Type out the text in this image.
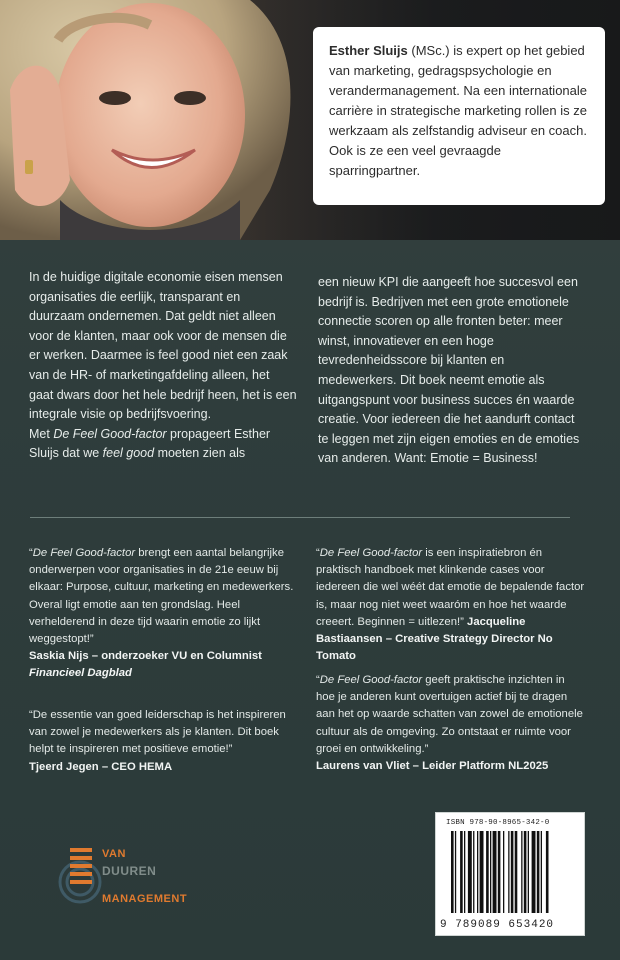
Esther Sluijs (MSc.) is expert op het gebied van marketing, gedragspsychologie en verandermanagement. Na een internationale carrière in strategische marketing rollen is ze werkzaam als zelfstandig adviseur en coach. Ook is ze een veel gevraagde sparringpartner.

In de huidige digitale economie eisen mensen organisaties die eerlijk, transparant en duurzaam ondernemen. Dat geldt niet alleen voor de klanten, maar ook voor de mensen die er werken. Daarmee is feel good niet een zaak van de HR- of marketingafdeling alleen, het gaat dwars door het hele bedrijf heen, het is een integrale visie op bedrijfsvoering.

Met De Feel Good-factor propageert Esther Sluijs dat we feel good moeten zien als

een nieuw KPI die aangeeft hoe succesvol een bedrijf is. Bedrijven met een grote emotionele connectie scoren op alle fronten beter: meer winst, innovatiever en een hoge tevredenheidsscore bij klanten en medewerkers. Dit boek neemt emotie als uitgangspunt voor business succes én waarde creatie. Voor iedereen die het aandurft contact te leggen met zijn eigen emoties en de emoties van anderen. Want: Emotie = Business!

“De Feel Good-factor brengt een aantal belangrijke onderwerpen voor organisaties in de 21e eeuw bij elkaar: Purpose, cultuur, marketing en medewerkers. Overal ligt emotie aan ten grondslag. Heel verhelderend in deze tijd waarin emotie zo lijkt weggestopt!”

Saskia Nijs – onderzoeker VU en Columnist

Financieel Dagblad

“De essentie van goed leiderschap is het inspireren van zowel je medewerkers als je klanten. Dit boek helpt te inspireren met positieve emotie!”

Tjeerd Jegen – CEO HEMA

“De Feel Good-factor is een inspiratiebron én praktisch handboek met klinkende cases voor iedereen die wel wéét dat emotie de bepalende factor is, maar nog niet weet waaróm en hoe het waarde creeert. Beginnen = uitlezen!” Jacqueline Bastiaansen – Creative Strategy Director No Tomato

“De Feel Good-factor geeft praktische inzichten in hoe je anderen kunt overtuigen actief bij te dragen aan het op waarde schatten van zowel de emotionele cultuur als de omgeving. Zo ontstaat er ruimte voor groei en ontwikkeling.”

Laurens van Vliet – Leider Platform NL2025

VAN
DUUREN
MANAGEMENT
ISBN 978-90-8965-342-0
9 789089 653420
